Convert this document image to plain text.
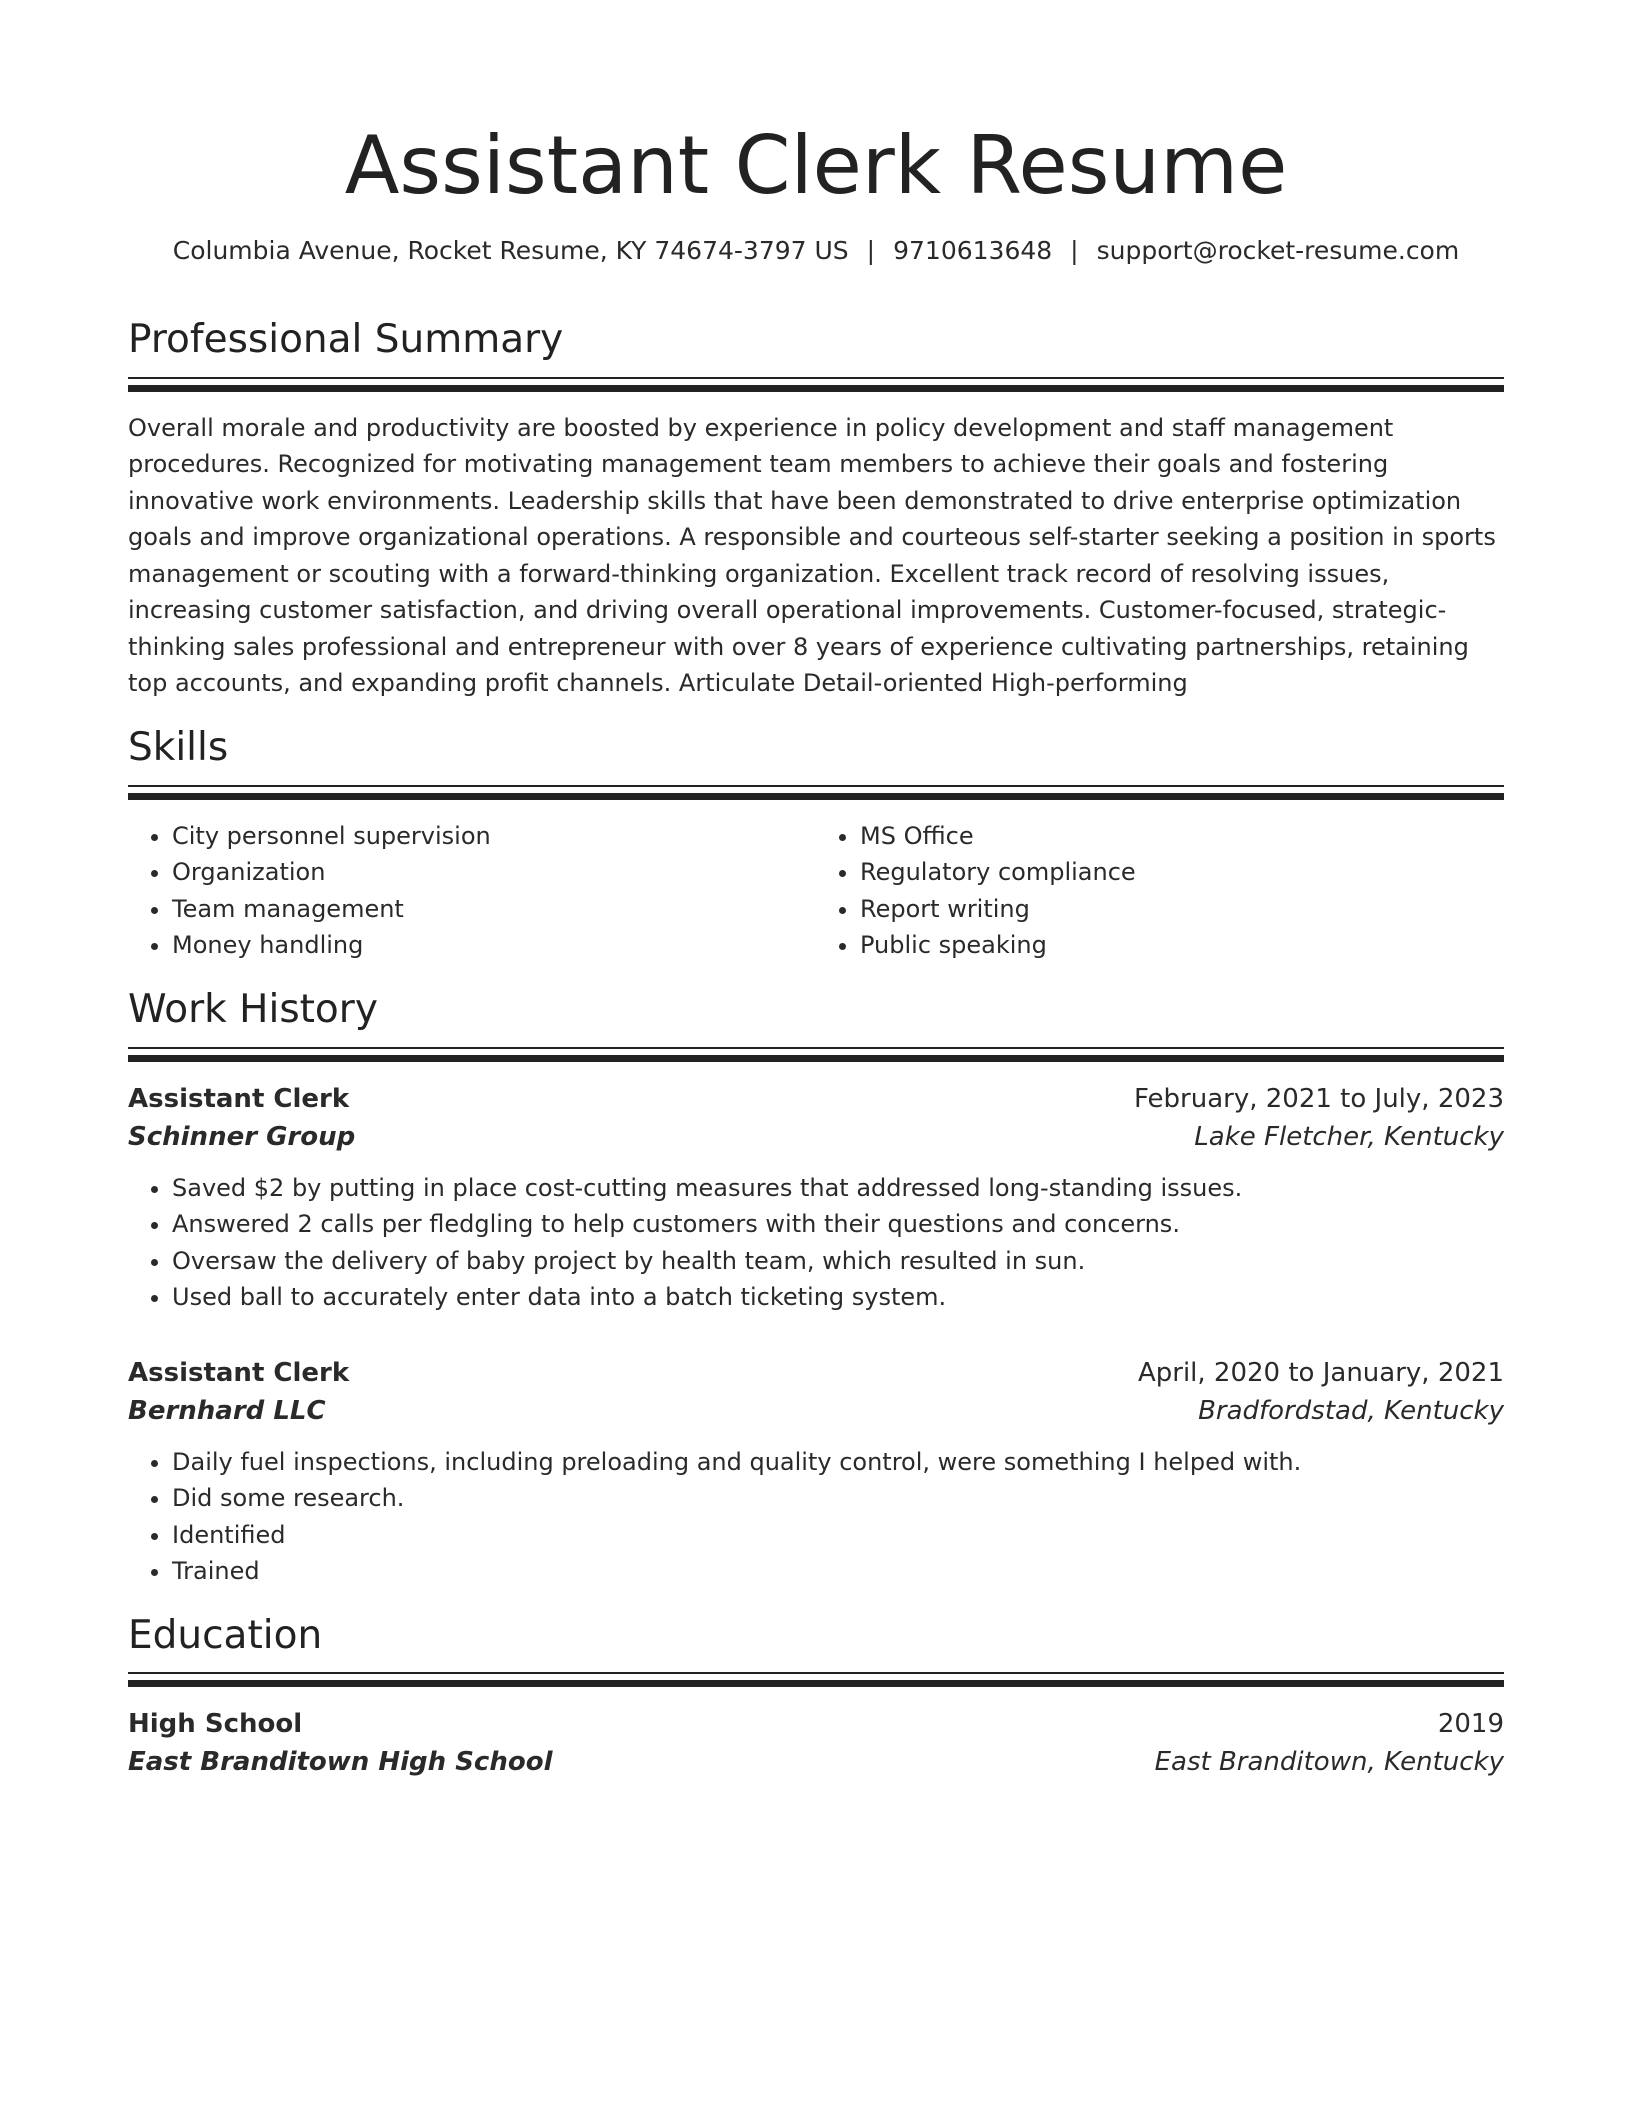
Assistant Clerk Resume
Columbia Avenue, Rocket Resume, KY 74674-3797 US | 9710613648 | support@rocket-resume.com
Professional Summary

Overall morale and productivity are boosted by experience in policy development and staff management procedures. Recognized for motivating management team members to achieve their goals and fostering innovative work environments. Leadership skills that have been demonstrated to drive enterprise optimization goals and improve organizational operations. A responsible and courteous self-starter seeking a position in sports management or scouting with a forward-thinking organization. Excellent track record of resolving issues, increasing customer satisfaction, and driving overall operational improvements. Customer-focused, strategic-thinking sales professional and entrepreneur with over 8 years of experience cultivating partnerships, retaining top accounts, and expanding profit channels. Articulate Detail-oriented High-performing

Skills
• City personnel supervision
• Organization
• Team management
• Money handling
• MS Office
• Regulatory compliance
• Report writing
• Public speaking
Work History
Assistant Clerk	February, 2021 to July, 2023
Schinner Group	Lake Fletcher, Kentucky
• Saved $2 by putting in place cost-cutting measures that addressed long-standing issues.
• Answered 2 calls per fledgling to help customers with their questions and concerns.
• Oversaw the delivery of baby project by health team, which resulted in sun.
• Used ball to accurately enter data into a batch ticketing system.
Assistant Clerk	April, 2020 to January, 2021
Bernhard LLC	Bradfordstad, Kentucky
• Daily fuel inspections, including preloading and quality control, were something I helped with.
• Did some research.
• Identified
• Trained
Education
High School	2019
East Branditown High School	East Branditown, Kentucky
